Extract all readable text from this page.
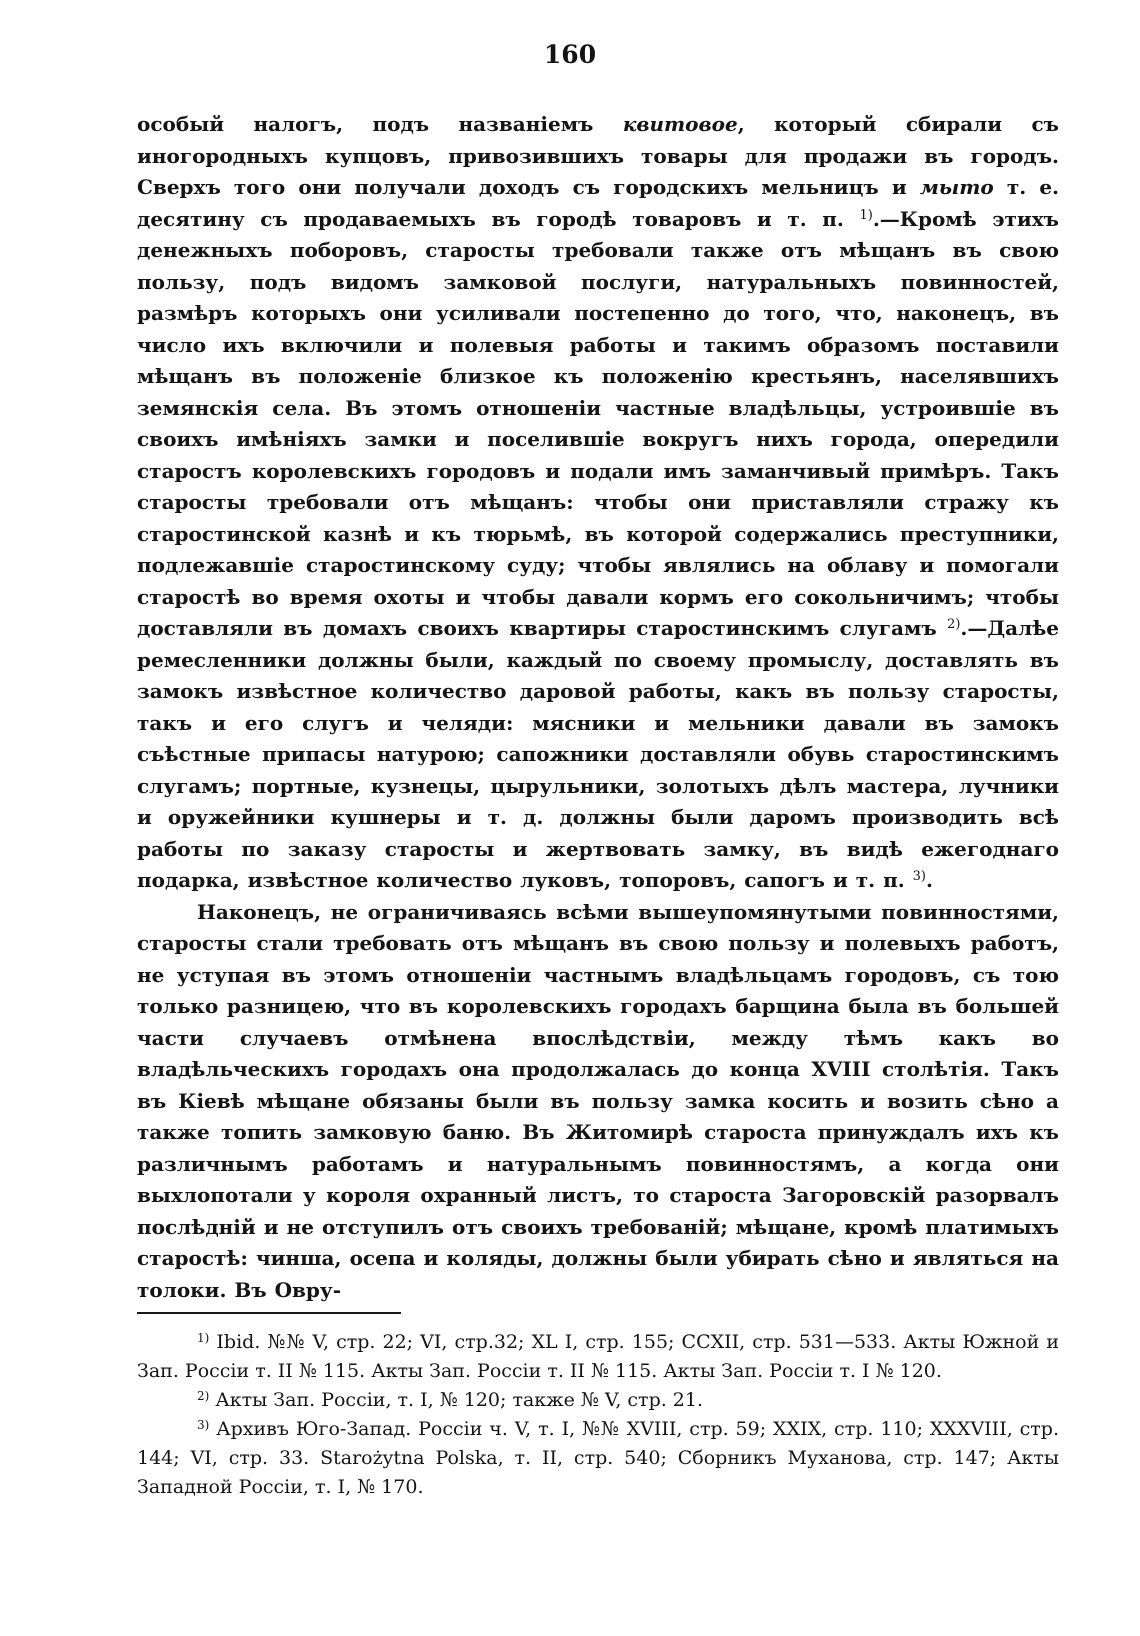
160

особый налогъ, подъ названіемъ квитовое, который сбирали съ иногородныхъ купцовъ, привозившихъ товары для продажи въ городъ. Сверхъ того они получали доходъ съ городскихъ мельницъ и мыто т. е. десятину съ продаваемыхъ въ городѣ товаровъ и т. п. $^{1)}$.—Кромѣ этихъ денежныхъ поборовъ, старосты требовали также отъ мѣщанъ въ свою пользу, подъ видомъ замковой послуги, натуральныхъ повинностей, размѣръ которыхъ они усиливали постепенно до того, что, наконецъ, въ число ихъ включили и полевыя работы и такимъ образомъ поставили мѣщанъ въ положеніе близкое къ положенію крестьянъ, населявшихъ земянскія села. Въ этомъ отношеніи частные владѣльцы, устроившіе въ своихъ имѣніяхъ замки и поселившіе вокругъ нихъ города, опередили старостъ королевскихъ городовъ и подали имъ заманчивый примѣръ. Такъ старосты требовали отъ мѣщанъ: чтобы они приставляли стражу къ старостинской казнѣ и къ тюрьмѣ, въ которой содержались преступники, подлежавшіе старостинскому суду; чтобы являлись на облаву и помогали старостѣ во время охоты и чтобы давали кормъ его сокольничимъ; чтобы доставляли въ домахъ своихъ квартиры старостинскимъ слугамъ $^{2)}$.—Далѣе ремесленники должны были, каждый по своему промыслу, доставлять въ замокъ извѣстное количество даровой работы, какъ въ пользу старосты, такъ и его слугъ и челяди: мясники и мельники давали въ замокъ съѣстные припасы натурою; сапожники доставляли обувь старостинскимъ слугамъ; портные, кузнецы, цырульники, золотыхъ дѣлъ мастера, лучники и оружейники кушнеры и т. д. должны были даромъ производить всѣ работы по заказу старосты и жертвовать замку, въ видѣ ежегоднаго подарка, извѣстное количество луковъ, топоровъ, сапогъ и т. п. $^{3)}$.

Наконецъ, не ограничиваясь всѣми вышеупомянутыми повинностями, старосты стали требовать отъ мѣщанъ въ свою пользу и полевыхъ работъ, не уступая въ этомъ отношеніи частнымъ владѣльцамъ городовъ, съ тою только разницею, что въ королевскихъ городахъ барщина была въ большей части случаевъ отмѣнена впослѣдствіи, между тѣмъ какъ во владѣльческихъ городахъ она продолжалась до конца XVIII столѣтія. Такъ въ Кіевѣ мѣщане обязаны были въ пользу замка косить и возить сѣно а также топить замковую баню. Въ Житомирѣ староста принуждалъ ихъ къ различнымъ работамъ и натуральнымъ повинностямъ, а когда они выхлопотали у короля охранный листъ, то староста Загоровскій разорвалъ послѣдній и не отступилъ отъ своихъ требованій; мѣщане, кромѣ платимыхъ старостѣ: чинша, осепа и коляды, должны были убирать сѣно и являться на толоки. Въ Овру-

$^{1)}$ Ibid. №№ V, стр. 22; VI, стр.32; XL I, стр. 155; CCXII, стр. 531—533. Акты Южной и Зап. Россіи т. II № 115. Акты Зап. Россіи т. II № 115. Акты Зап. Россіи т. I № 120.

$^{2)}$ Акты Зап. Россіи, т. I, № 120; также № V, стр. 21.

$^{3)}$ Архивъ Юго-Запад. Россіи ч. V, т. I, №№ XVIII, стр. 59; XXIX, стр. 110; XXXVIII, стр. 144; VI, стр. 33. Starożytna Polska, т. II, стр. 540; Сборникъ Муханова, стр. 147; Акты Западной Россіи, т. I, № 170.
